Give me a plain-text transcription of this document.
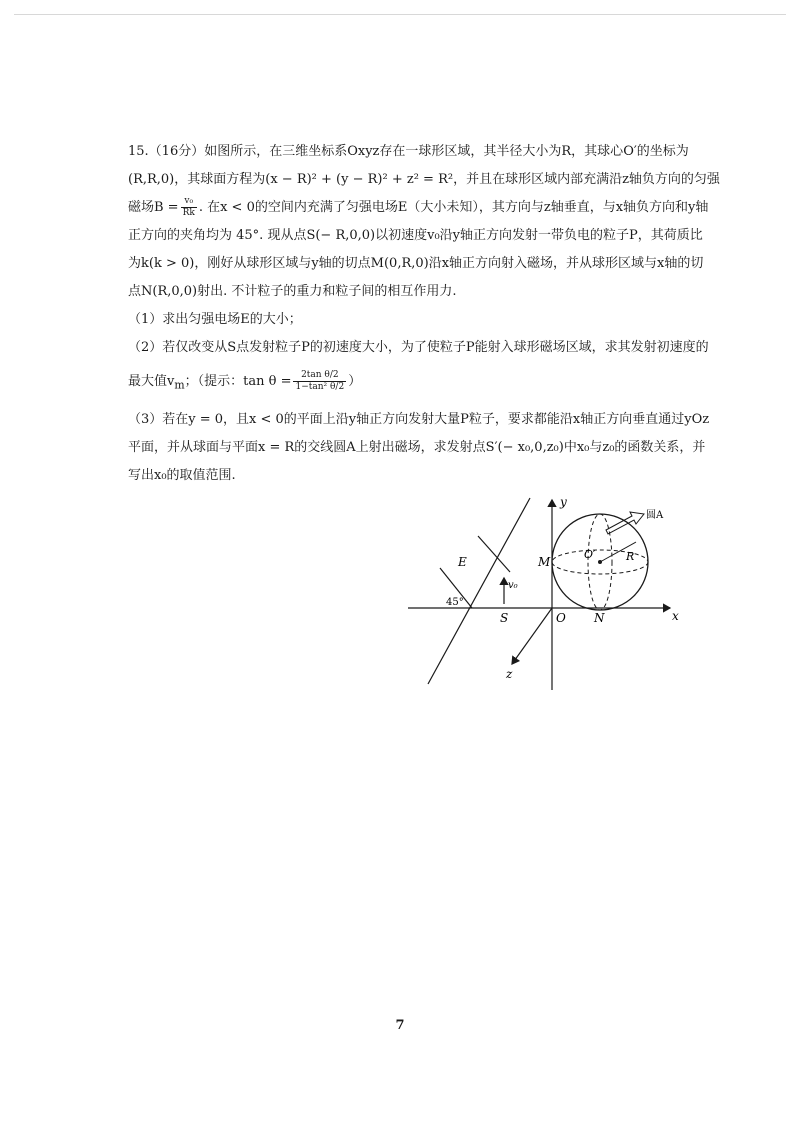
15.（16分）如图所示，在三维坐标系Oxyz存在一球形区域，其半径大小为R，其球心O′的坐标为
(R,R,0)，其球面方程为(x − R)² + (y − R)² + z² = R²，并且在球形区域内部充满沿z轴负方向的匀强
磁场$B = \frac{\text{v₀}}{Rk}$ . 在x < 0的空间内充满了匀强电场E（大小未知），其方向与z轴垂直，与x轴负方向和y轴
正方向的夹角均为 45°. 现从点S(− R,0,0)以初速度v₀沿y轴正方向发射一带负电的粒子P，其荷质比
为k(k > 0)，刚好从球形区域与y轴的切点M(0,R,0)沿x轴正方向射入磁场，并从球形区域与x轴的切
点N(R,0,0)射出. 不计粒子的重力和粒子间的相互作用力.

（1）求出匀强电场E的大小；

（2）若仅改变从S点发射粒子P的初速度大小，为了使粒子P能射入球形磁场区域，求其发射初速度的
最大值$v_m$；（提示：$\tan \theta = \frac{\text{2tan θ/2}}{\text{1−tan² θ/2}}$ ）

（3）若在y = 0，且x < 0的平面上沿y轴正方向发射大量P粒子，要求都能沿x轴正方向垂直通过yOz
平面，并从球面与平面x = R的交线圆A上射出磁场，求发射点S′(− x₀,0,z₀)中x₀与z₀的函数关系，并
写出x₀的取值范围.

y
x
z
O
S	N
M
E
v₀
45°
O′	R
圆A
7
